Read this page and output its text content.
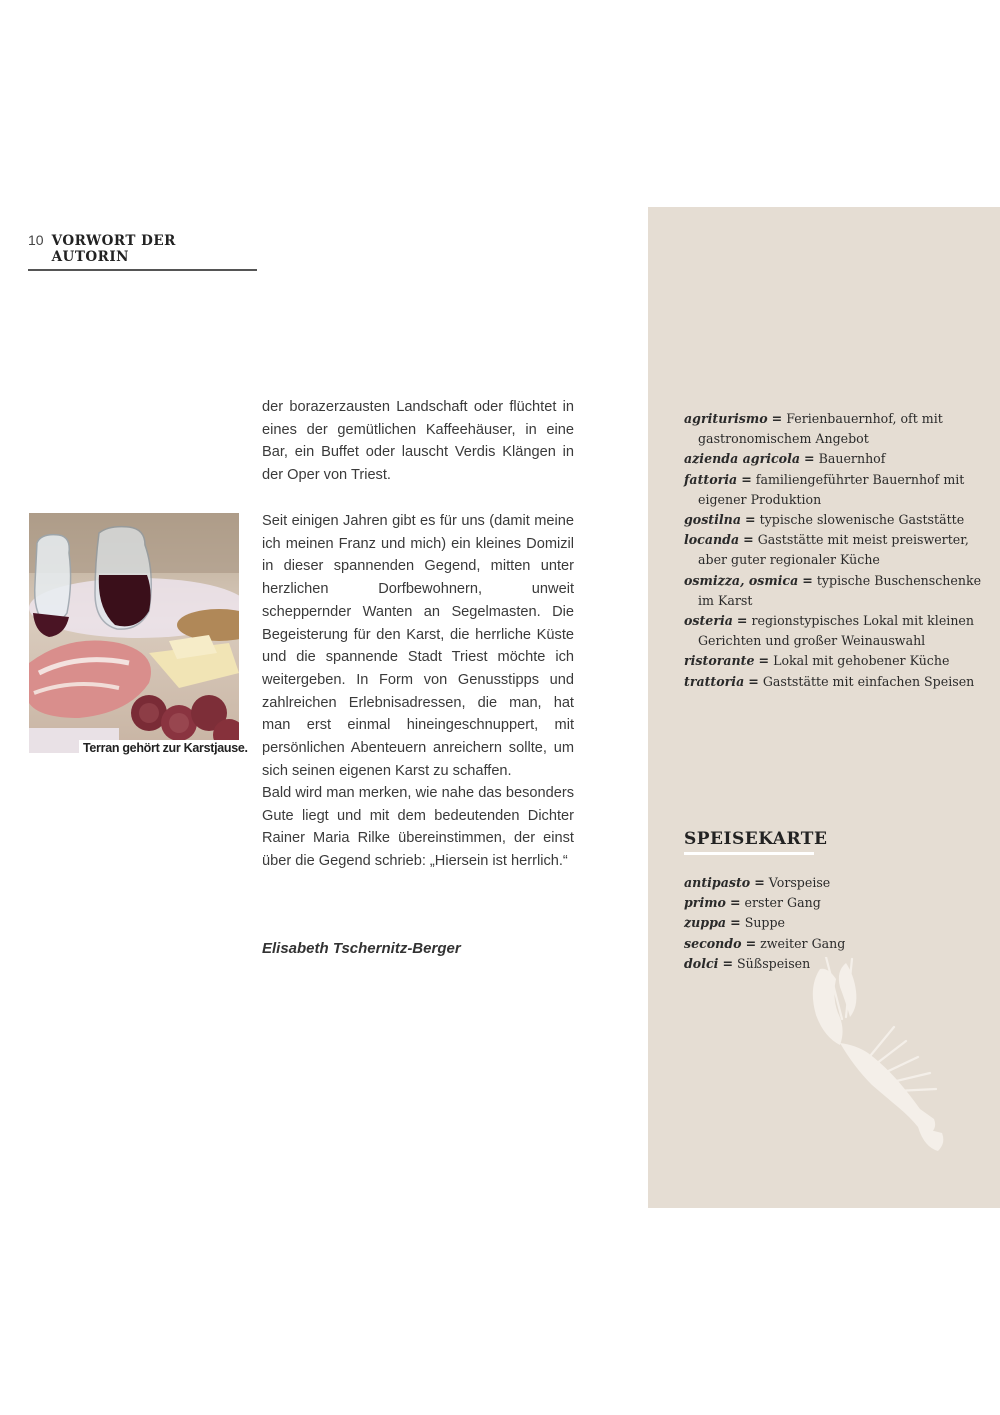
10 VORWORT DER AUTORIN

der borazerzausten Landschaft oder flüchtet in eines der gemütlichen Kaffeehäuser, in eine Bar, ein Buffet oder lauscht Verdis Klängen in der Oper von Triest.

Seit einigen Jahren gibt es für uns (damit meine ich meinen Franz und mich) ein kleines Domizil in dieser spannenden Gegend, mitten unter herzlichen Dorfbewohnern, unweit scheppernder Wanten an Segelmasten. Die Begeisterung für den Karst, die herrliche Küste und die spannende Stadt Triest möchte ich weitergeben. In Form von Genusstipps und zahlreichen Erlebnisadressen, die man, hat man erst einmal hineingeschnuppert, mit persönlichen Abenteuern anreichern sollte, um sich seinen eigenen Karst zu schaffen.

Bald wird man merken, wie nahe das besonders Gute liegt und mit dem bedeutenden Dichter Rainer Maria Rilke übereinstimmen, der einst über die Gegend schrieb: „Hiersein ist herrlich.“

Elisabeth Tschernitz-Berger
Terran gehört zur Karstjause.
agriturismo = Ferienbauernhof, oft mit gastronomischem Angebot
azienda agricola = Bauernhof
fattoria = familiengeführter Bauernhof mit eigener Produktion
gostilna = typische slowenische Gaststätte
locanda = Gaststätte mit meist preiswerter, aber guter regionaler Küche
osmizza, osmica = typische Buschenschenke im Karst
osteria = regionstypisches Lokal mit kleinen Gerichten und großer Weinauswahl
ristorante = Lokal mit gehobener Küche
trattoria = Gaststätte mit einfachen Speisen
SPEISEKARTE
antipasto = Vorspeise
primo = erster Gang
zuppa = Suppe
secondo = zweiter Gang
dolci = Süßspeisen
